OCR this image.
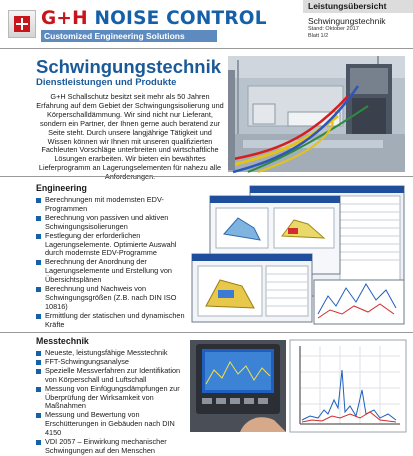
G+H NOISE CONTROL
Customized Engineering Solutions
Leistungsübersicht
Schwingungstechnik
Stand: Oktober 2017
Blatt 1/2
Schwingungstechnik
Dienstleistungen und Produkte

G+H Schallschutz besitzt seit mehr als 50 Jahren Erfahrung auf dem Gebiet der Schwingungsisolierung und Körperschalldämmung. Wir sind nicht nur Lieferant, sondern ein Partner, der Ihnen gerne auch beratend zur Seite steht. Durch unsere langjährige Tätigkeit und Wissen können wir Ihnen mit unseren qualifizierten Fachleuten Vorschläge unterbreiten und wirtschaftliche Lösungen erarbeiten. Wir bieten ein bewährtes Lieferprogramm an Lagerungselementen für nahezu alle

Engineering
Berechnungen mit modernsten EDV-Programmen
Berechnung von passiven und aktiven Schwingungsisolierungen
Festlegung der erforderlichen Lagerungselemente. Optimierte Auswahl durch modernste EDV-Programme
Berechnung der Anordnung der Lagerungselemente und Erstellung von Übersichtsplänen
Berechnung und Nachweis von Schwingungsgrößen (Z.B. nach DIN ISO 10816)
Ermittlung der statischen und dynamischen Kräfte
Messtechnik
Neueste, leistungsfähige Messtechnik
FFT-Schwingungsanalyse
Spezielle Messverfahren zur Identifikation von Körperschall und Luftschall
Messung von Einfügungsdämpfungen zur Überprüfung der Wirksamkeit von Maßnahmen
Messung und Bewertung von Erschütterungen in Gebäuden nach DIN 4150
VDI 2057 – Einwirkung mechanischer Schwingungen auf den Menschen
